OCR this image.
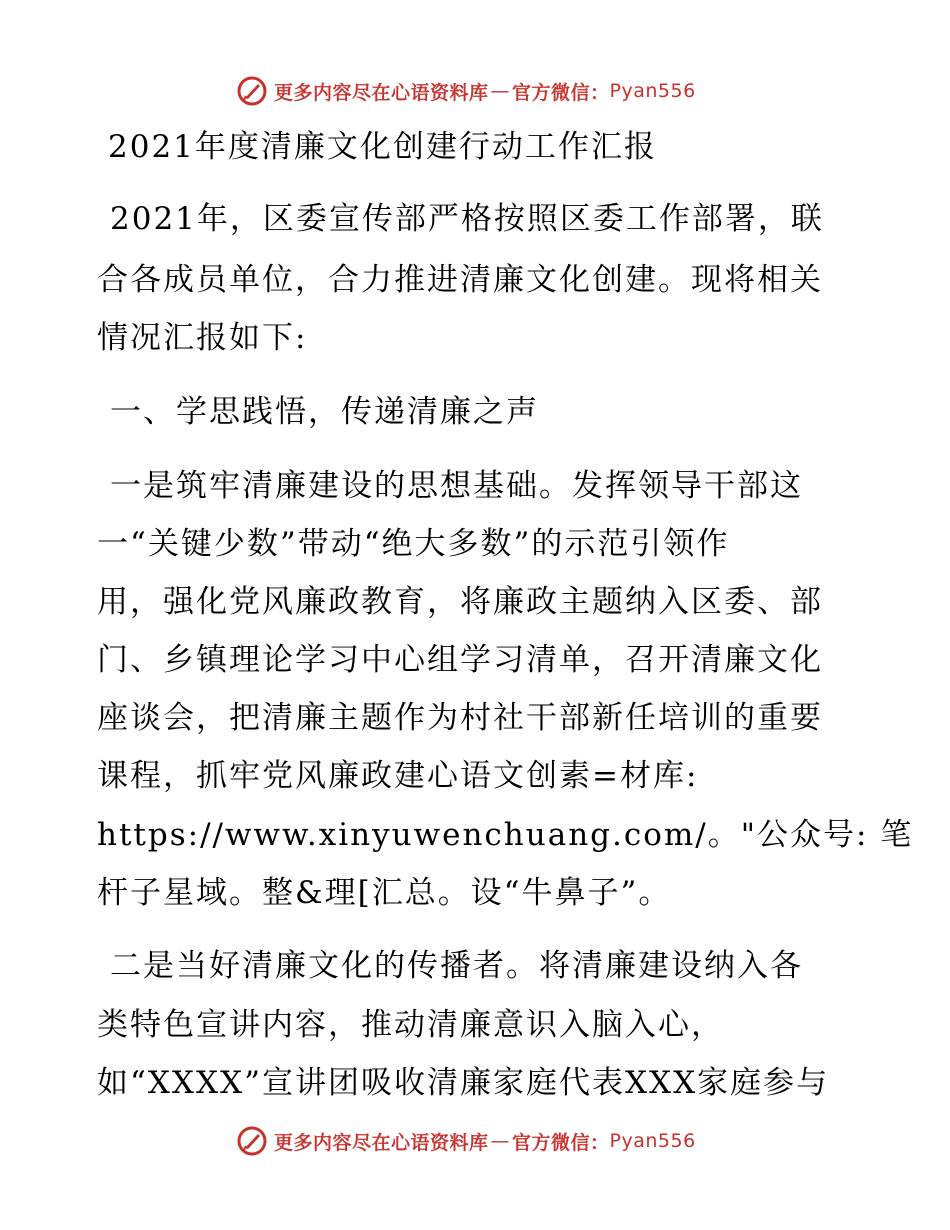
更多内容尽在心语资料库 — 官方微信： Pyan556
2021年度清廉文化创建行动工作汇报
2021年，区委宣传部严格按照区委工作部署，联
合各成员单位，合力推进清廉文化创建。现将相关
情况汇报如下:
一、学思践悟，传递清廉之声
一是筑牢清廉建设的思想基础。发挥领导干部这
一“关键少数”带动“绝大多数”的示范引领作
用，强化党风廉政教育，将廉政主题纳入区委、部
门、乡镇理论学习中心组学习清单，召开清廉文化
座谈会，把清廉主题作为村社干部新任培训的重要
课程，抓牢党风廉政建心语文创素=材库:
https://www.xinyuwenchuang.com/。"公众号: 笔
杆子星域。整&理[汇总。设“牛鼻子”。
二是当好清廉文化的传播者。将清廉建设纳入各
类特色宣讲内容，推动清廉意识入脑入心，
如“XXXX”宣讲团吸收清廉家庭代表XXX家庭参与
更多内容尽在心语资料库 — 官方微信： Pyan556
